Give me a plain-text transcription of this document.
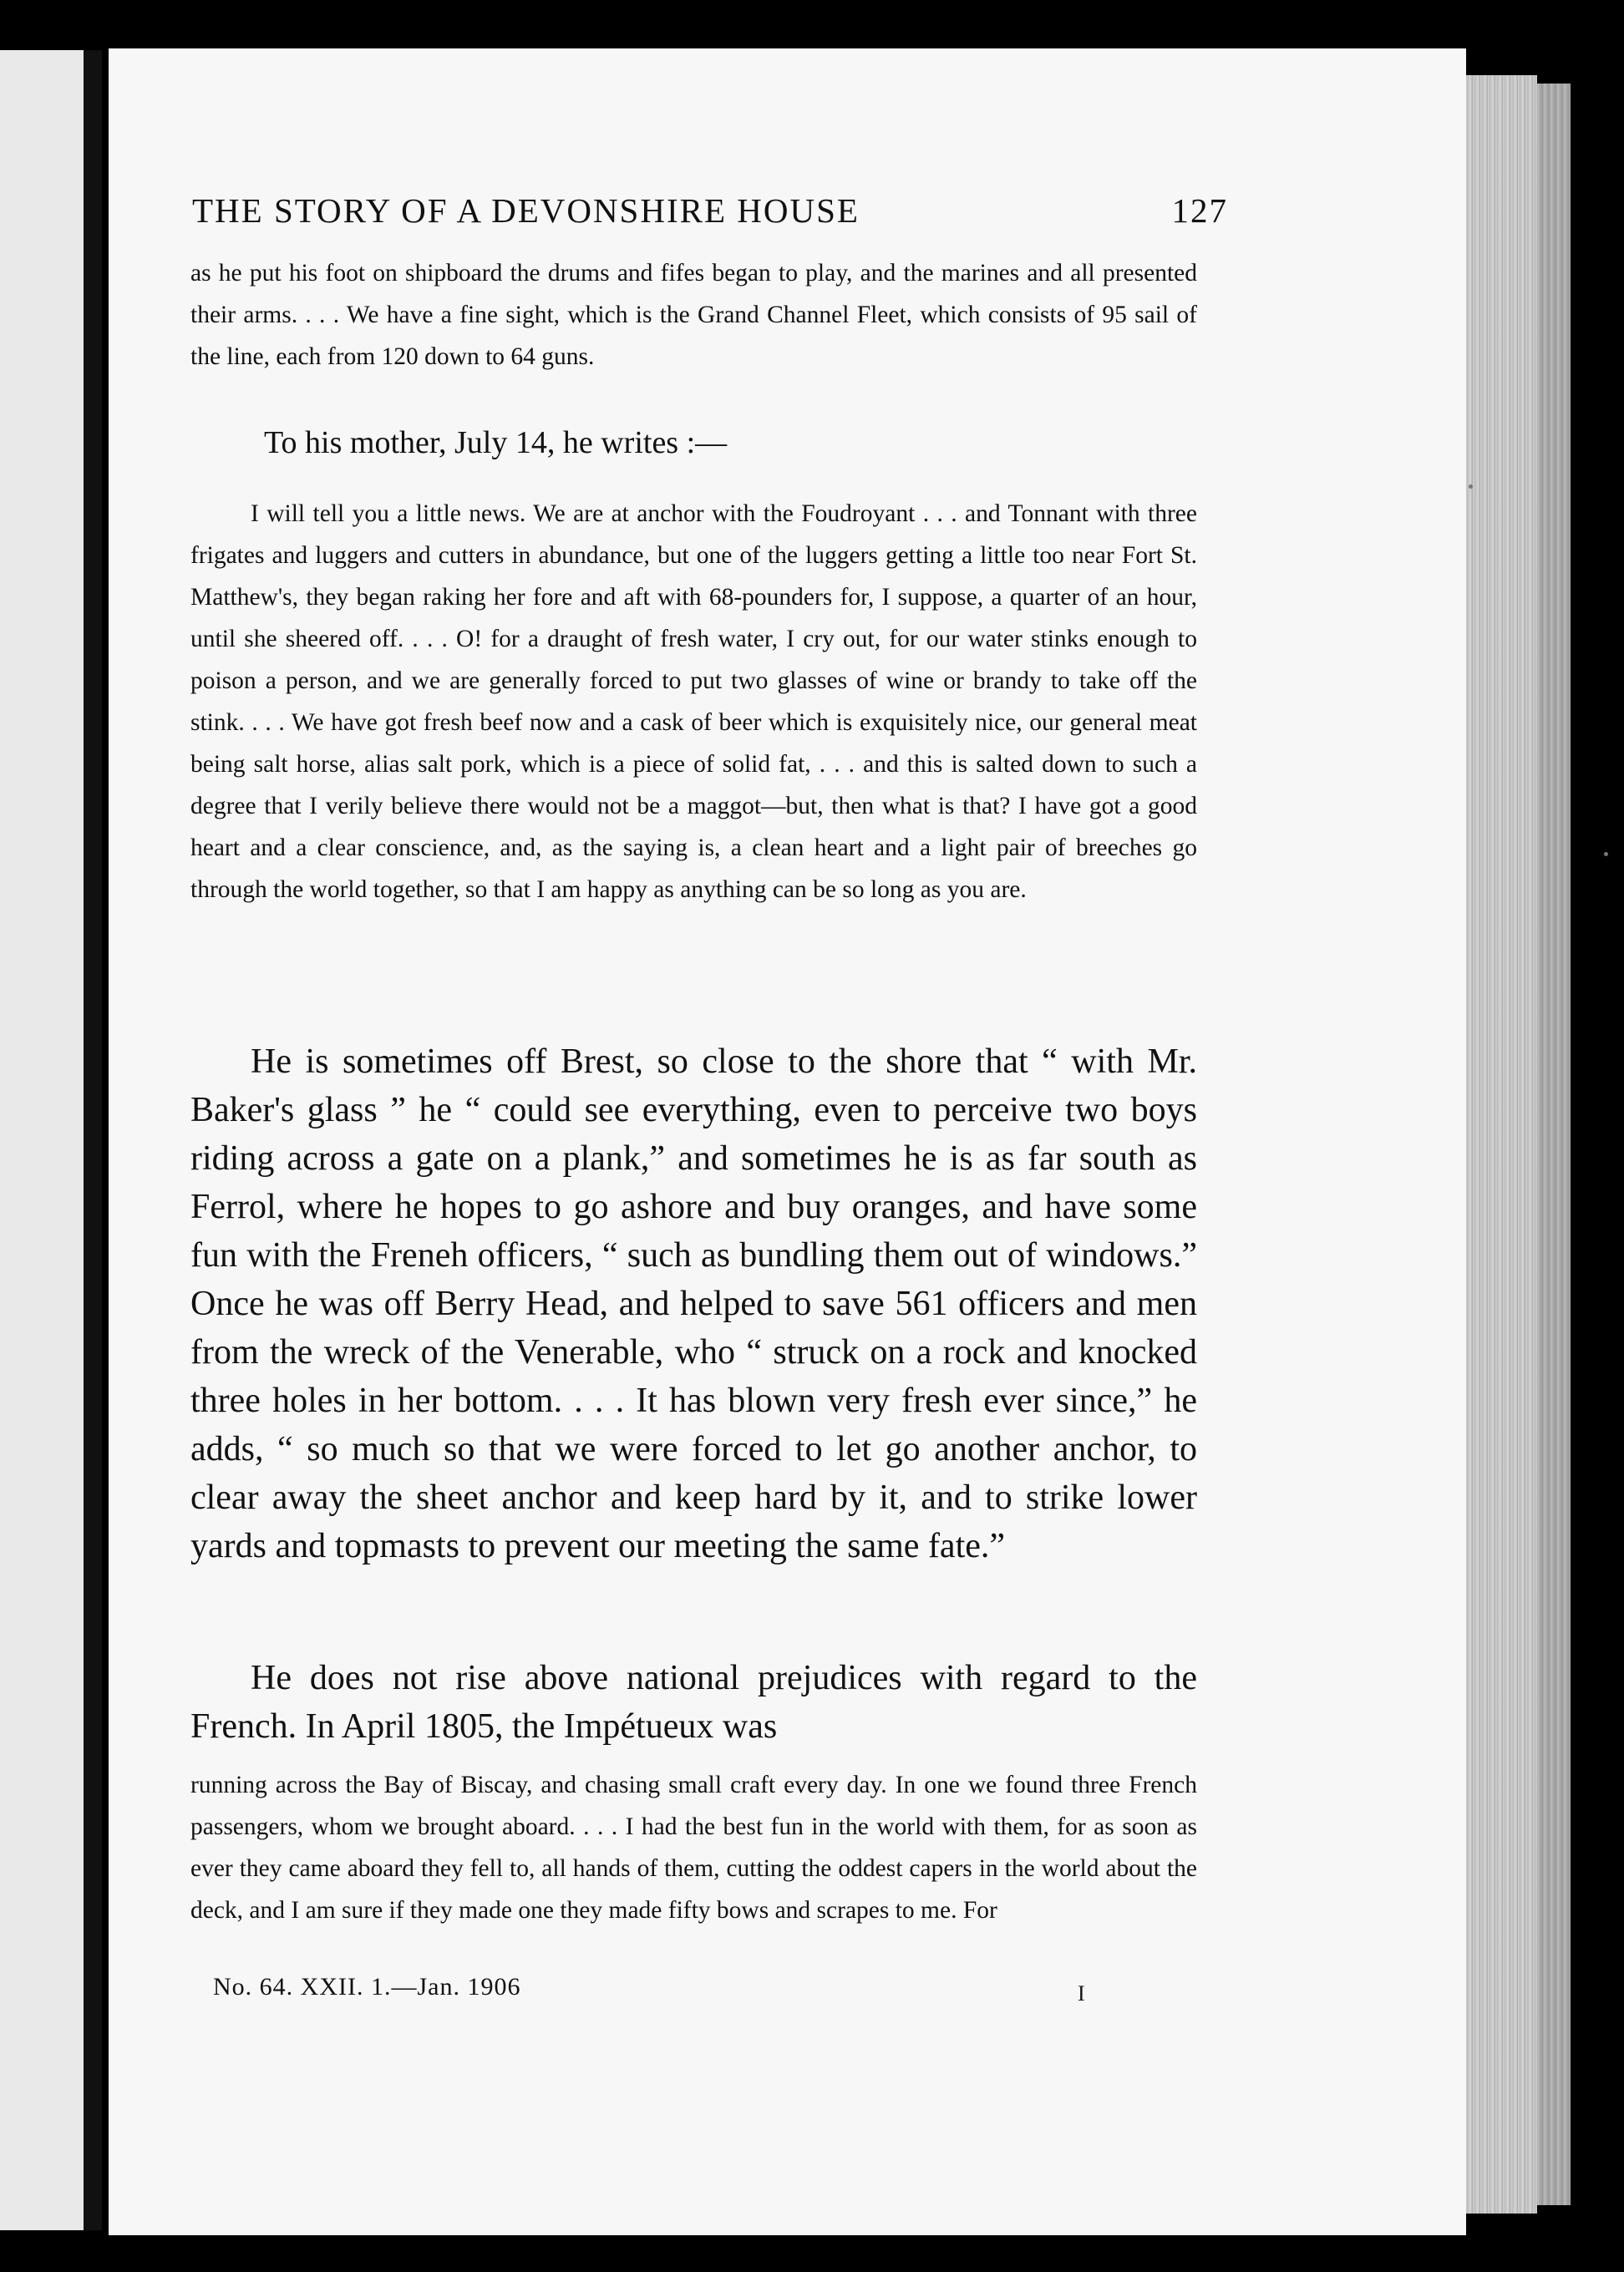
THE STORY OF A DEVONSHIRE HOUSE	127
as he put his foot on shipboard the drums and fifes began to play, and the marines and all presented their arms. . . . We have a fine sight, which is the Grand Channel Fleet, which consists of 95 sail of the line, each from 120 down to 64 guns.
To his mother, July 14, he writes :—
I will tell you a little news. We are at anchor with the Foudroyant . . . and Tonnant with three frigates and luggers and cutters in abundance, but one of the luggers getting a little too near Fort St. Matthew's, they began raking her fore and aft with 68-pounders for, I suppose, a quarter of an hour, until she sheered off. . . . O! for a draught of fresh water, I cry out, for our water stinks enough to poison a person, and we are generally forced to put two glasses of wine or brandy to take off the stink. . . . We have got fresh beef now and a cask of beer which is exquisitely nice, our general meat being salt horse, alias salt pork, which is a piece of solid fat, . . . and this is salted down to such a degree that I verily believe there would not be a maggot—but, then what is that? I have got a good heart and a clear conscience, and, as the saying is, a clean heart and a light pair of breeches go through the world together, so that I am happy as anything can be so long as you are.
He is sometimes off Brest, so close to the shore that “ with Mr. Baker's glass ” he “ could see everything, even to perceive two boys riding across a gate on a plank,” and sometimes he is as far south as Ferrol, where he hopes to go ashore and buy oranges, and have some fun with the Freneh officers, “ such as bundling them out of windows.” Once he was off Berry Head, and helped to save 561 officers and men from the wreck of the Venerable, who “ struck on a rock and knocked three holes in her bottom. . . . It has blown very fresh ever since,” he adds, “ so much so that we were forced to let go another anchor, to clear away the sheet anchor and keep hard by it, and to strike lower yards and topmasts to prevent our meeting the same fate.”
He does not rise above national prejudices with regard to the French. In April 1805, the Impétueux was
running across the Bay of Biscay, and chasing small craft every day. In one we found three French passengers, whom we brought aboard. . . . I had the best fun in the world with them, for as soon as ever they came aboard they fell to, all hands of them, cutting the oddest capers in the world about the deck, and I am sure if they made one they made fifty bows and scrapes to me. For
No. 64. XXII. 1.—Jan. 1906	I
